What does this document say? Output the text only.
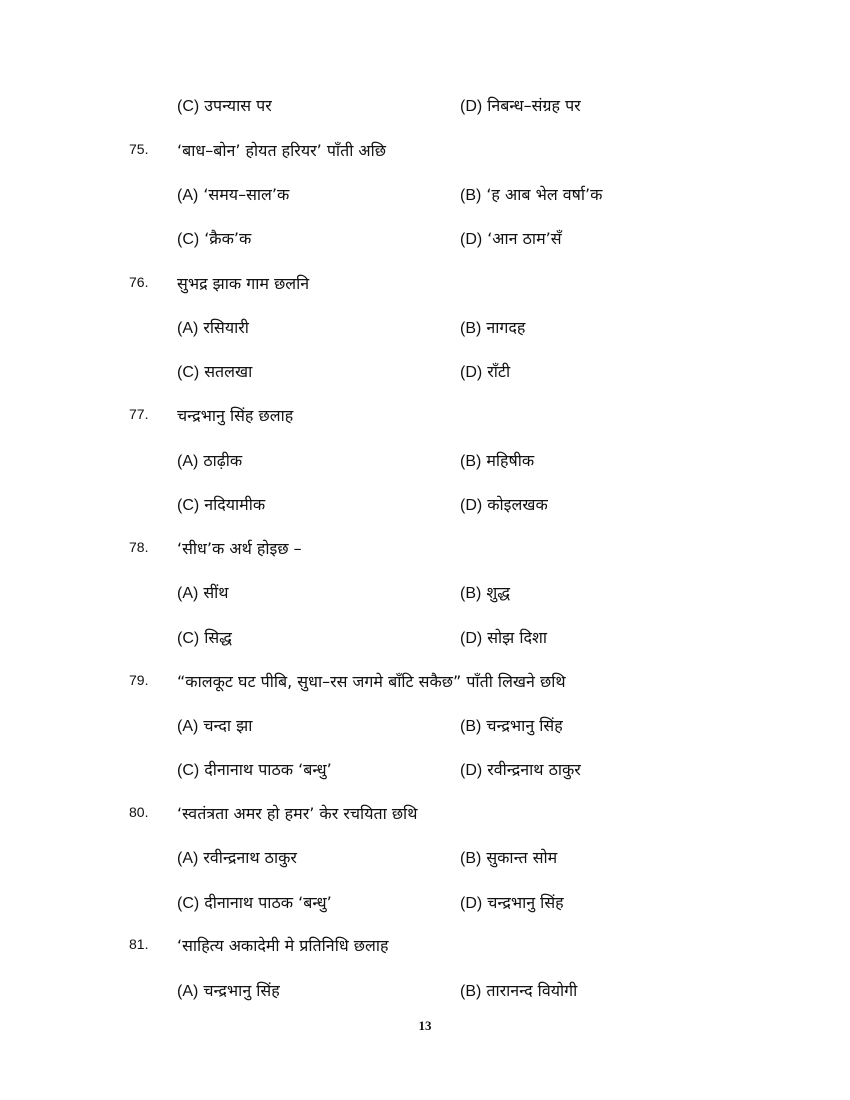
(C) उपन्यास पर	(D) निबन्ध–संग्रह पर
75. ‘बाध–बोन’ होयत हरियर’ पाँती अछि
(A) ‘समय–साल’क	(B) ‘ह आब भेल वर्षा’क
(C) ‘क्रैक’क	(D) ‘आन ठाम’सँ
76. सुभद्र झाक गाम छलनि
(A) रसियारी	(B) नागदह
(C) सतलखा	(D) राँटी
77. चन्द्रभानु सिंह छलाह
(A) ठाढ़ीक	(B) महिषीक
(C) नदियामीक	(D) कोइलखक
78. ‘सीध’क अर्थ होइछ –
(A) सींथ	(B) शुद्ध
(C) सिद्ध	(D) सोझ दिशा
79. “कालकूट घट पीबि, सुधा–रस जगमे बाँटि सकैछ” पाँती लिखने छथि
(A) चन्दा झा	(B) चन्द्रभानु सिंह
(C) दीनानाथ पाठक ‘बन्धु’	(D) रवीन्द्रनाथ ठाकुर
80. ‘स्वतंत्रता अमर हो हमर’ केर रचयिता छथि
(A) रवीन्द्रनाथ ठाकुर	(B) सुकान्त सोम
(C) दीनानाथ पाठक ‘बन्धु’	(D) चन्द्रभानु सिंह
81. ‘साहित्य अकादेमी मे प्रतिनिधि छलाह
(A) चन्द्रभानु सिंह	(B) तारानन्द वियोगी
13
